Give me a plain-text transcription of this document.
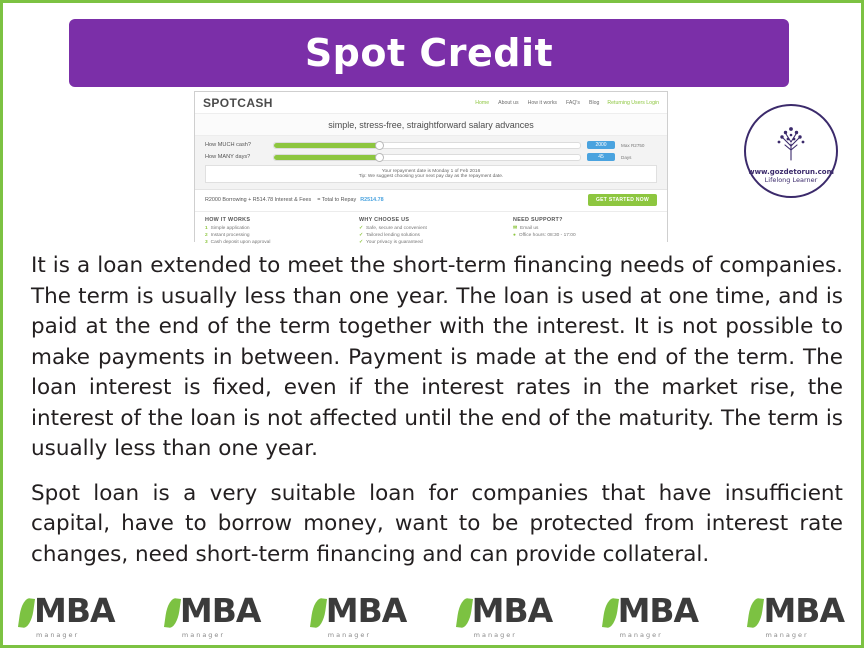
Spot Credit
SPOTCASH	Home About us How it works FAQ's Blog Returning Users Login
simple, stress-free, straightforward salary advances
How MUCH cash?	2000	Max R2750
How MANY days?	45	Days
Your repayment date is Monday 1 of Feb 2016
Tip: We suggest choosing your next pay day as the repayment date.
R2000 Borrowing + R514.78 Interest & Fees = Total to Repay R2514.78	GET STARTED NOW
HOW IT WORKS
1 Simple application
2 Instant processing
3 Cash deposit upon approval
WHY CHOOSE US
✓ Safe, secure and convenient
✓ Tailored lending solutions
✓ Your privacy is guaranteed
NEED SUPPORT?
✉ Email us
● Office hours: 08:30 - 17:00
www.gozdetorun.com
Lifelong Learner

It is a loan extended to meet the short-term financing needs of companies. The term is usually less than one year. The loan is used at one time, and is paid at the end of the term together with the interest. It is not possible to make payments in between. Payment is made at the end of the term. The loan interest is fixed, even if the interest rates in the market rise, the interest of the loan is not affected until the end of the maturity. The term is usually less than one year.

Spot loan is a very suitable loan for companies that have insufficient capital, have to borrow money, want to be protected from interest rate changes, need short-term financing and can provide collateral.

MBA
manager
MBA
manager
MBA
manager
MBA
manager
MBA
manager
MBA
manager
